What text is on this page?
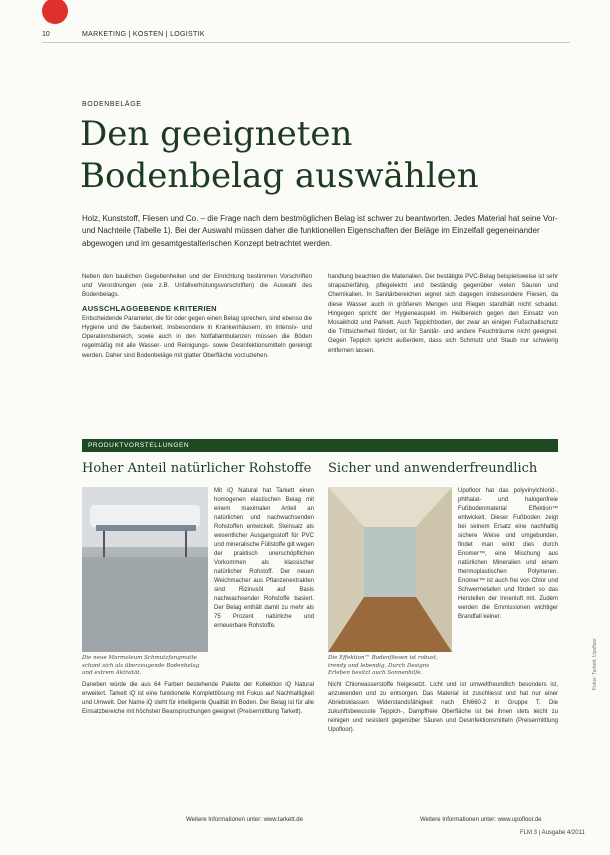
10	MARKETING | KOSTEN | LOGISTIK
BODENBELÄGE
Den geeigneten Bodenbelag auswählen
Holz, Kunststoff, Fliesen und Co. – die Frage nach dem bestmöglichen Belag ist schwer zu beantworten. Jedes Material hat seine Vor- und Nachteile (Tabelle 1). Bei der Auswahl müssen daher die funktionellen Eigenschaften der Beläge im Einzelfall gegeneinander abgewogen und im gesamtgestalterischen Konzept betrachtet werden.

Neben den baulichen Gegebenheiten und der Einrichtung bestimmen Vorschriften und Verordnungen (wie z.B. Unfallverhütungsvorschriften) die Auswahl des Bodenbelags.

AUSSCHLAGGEBENDE KRITERIEN

Entscheidende Parameter, die für oder gegen einen Belag sprechen, sind ebenso die Hygiene und die Sauberkeit. Insbesondere in Krankenhäusern, im Intensiv- und Operationsbereich, sowie auch in den Notfallambulanzen müssen die Böden regelmäßig mit alle Wasser- und Reinigungs- sowie Desinfektionsmitteln gereinigt werden. Daher sind Bodenbeläge mit glatter Oberfläche vorzuziehen.

handlung beachten die Materialien. Der bestätigte PVC-Belag beispielsweise ist sehr strapazierfähig, pflegeleicht und beständig gegenüber vielen Säuren und Chemikalien. In Sanitärbereichen eignet sich dagegen insbesondere Fliesen, da diese Wasser auch in größeren Mengen und Riegen standhält nicht schadet. Hingegen spricht der Hygieneaspekt im Heilbereich gegen den Einsatz von Mosaikholz und Parkett. Auch Teppichboden, der zwar an einigen Fußschallschutz die Trittsicherheit fördert, ist für Sanitär- und andere Feuchträume nicht geeignet. Gegen Teppich spricht außerdem, dass sich Schmutz und Staub nur schwierig entfernen lassen.

PRODUKTVORSTELLUNGEN
Hoher Anteil natürlicher Rohstoffe
Die neue Marmoleum Schmutzfangmatte schont sich als überzeugende Bodenbelag und extrem Aktivität.
Mit iQ Natural hat Tarkett einen homogenen elastischen Belag mit einem maximalen Anteil an natürlichen und nachwachsenden Rohstoffen entwickelt. Steinsalz als wesentlicher Ausgangsstoff für PVC und mineralische Füllstoffe gilt wegen der praktisch unerschöpflichen Vorkommen als klassischer natürlicher Rohstoff. Der neuen Weichmacher aus Pflanzenextrakten sind Rizinusöl auf Basis nachwachsender Rohstoffe basiert. Der Belag enthält damit zu mehr als 75 Prozent natürliche und erneuerbare Rohstoffe.
Daneben würde die aus 64 Farben bestehende Palette der Kollektion iQ Natural erweitert. Tarkett iQ ist eine funktionelle Komplettlösung mit Fokus auf Nachhaltigkeit und Umwelt. Der Name iQ steht für intelligente Qualität im Boden. Der Belag ist für alle Einsatzbereiche mit höchsten Beanspruchungen geeignet (Preisermittlung Tarkett).
Weitere Informationen unter: www.tarkett.de
Sicher und anwenderfreundlich
Die Effektion™ Bodenfliesen ist robust, trendy und lebendig. Durch Designs Erleben besitzt auch Sonnenhilfe.
Upofloor hat das polyvinylchlorid-, phthalat- und halogenfreie Fußbodenmaterial Effektion™ entwickelt. Dieser Fußboden zeigt bei seinem Ersatz eine nachhaltig sichere Weise und umgebunden, findet man wirkt dies durch Enomer™, eine Mischung aus natürlichen Mineralien und einem thermoplastischen Polymeren. Enomer™ ist auch frei von Chlor und Schwermetallen und fördert so das Herstellen der Innenluft mit. Zudem werden die Emmissionen wichtiger Brandfall keiner.
Nicht Chlorwasserstoffe freigesetzt. Licht und ist umweltfreundlich besonders ist, anzuwenden und zu entsorgen. Das Material ist zuschliesst und hat nur einer Abriebsklassen Widerstandsfähigkeit nach EN660-2 in Gruppe T. Die zukunftsbewusste Teppich-, Dampffreie Oberfläche ist bei ihnen stets leicht zu reinigen und resistent gegenüber Säuren und Desinfektionsmitteln (Preisermittlung Upofloor).
Weitere Informationen unter: www.upofloor.de
FLM 3 | Ausgabe 4/2011
Fotos: Tarkett, Upofloor
